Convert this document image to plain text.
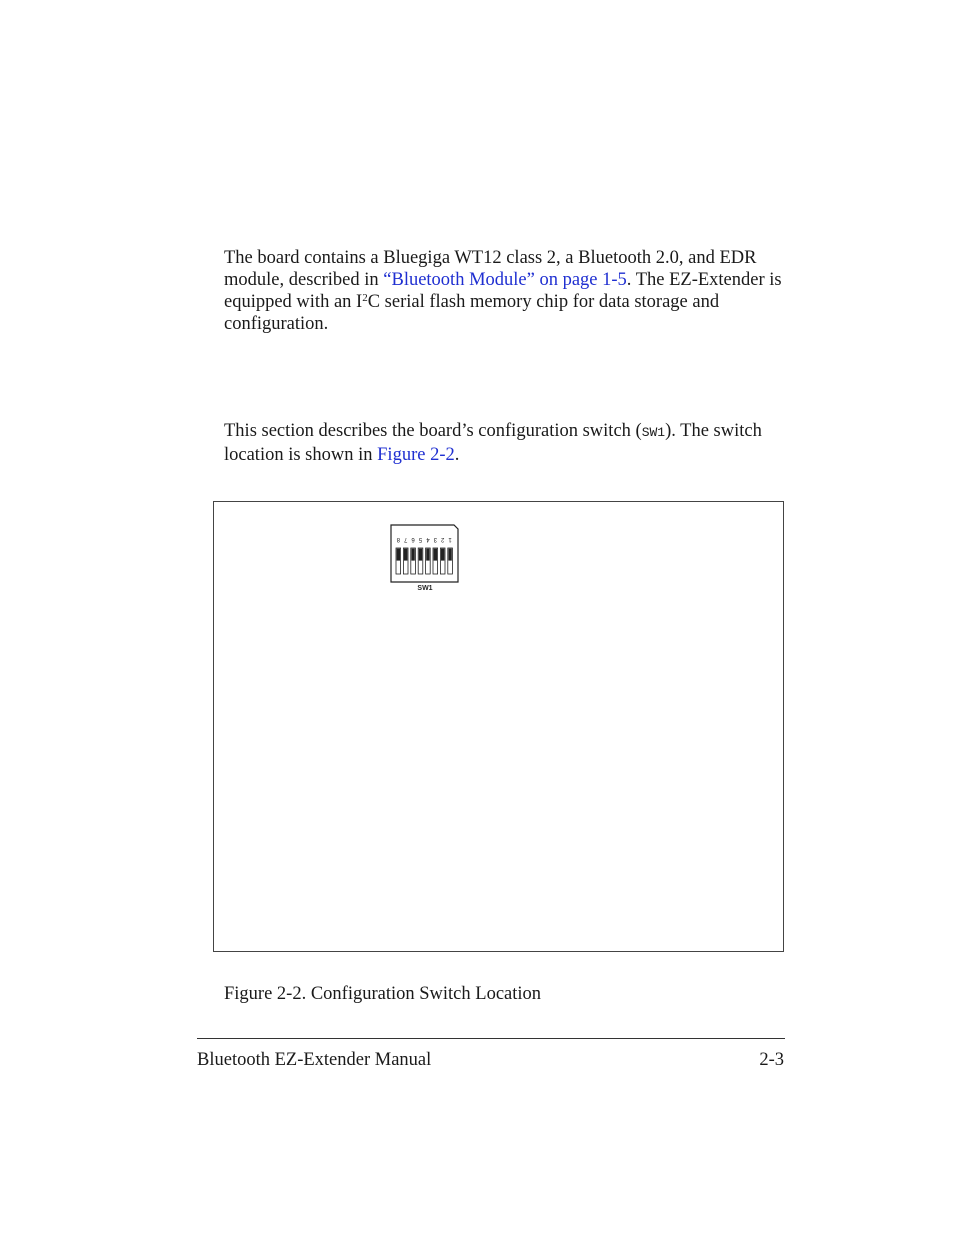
The board contains a Bluegiga WT12 class 2, a Bluetooth 2.0, and EDR module, described in “Bluetooth Module” on page 1-5. The EZ-Extender is equipped with an $I^2C$ serial flash memory chip for data storage and configuration.

This section describes the board’s configuration switch (SW1). The switch location is shown in Figure 2-2.

8 7 6 5 4 3 2 1
SW1
Figure 2-2. Configuration Switch Location
Bluetooth EZ-Extender Manual	2-3
